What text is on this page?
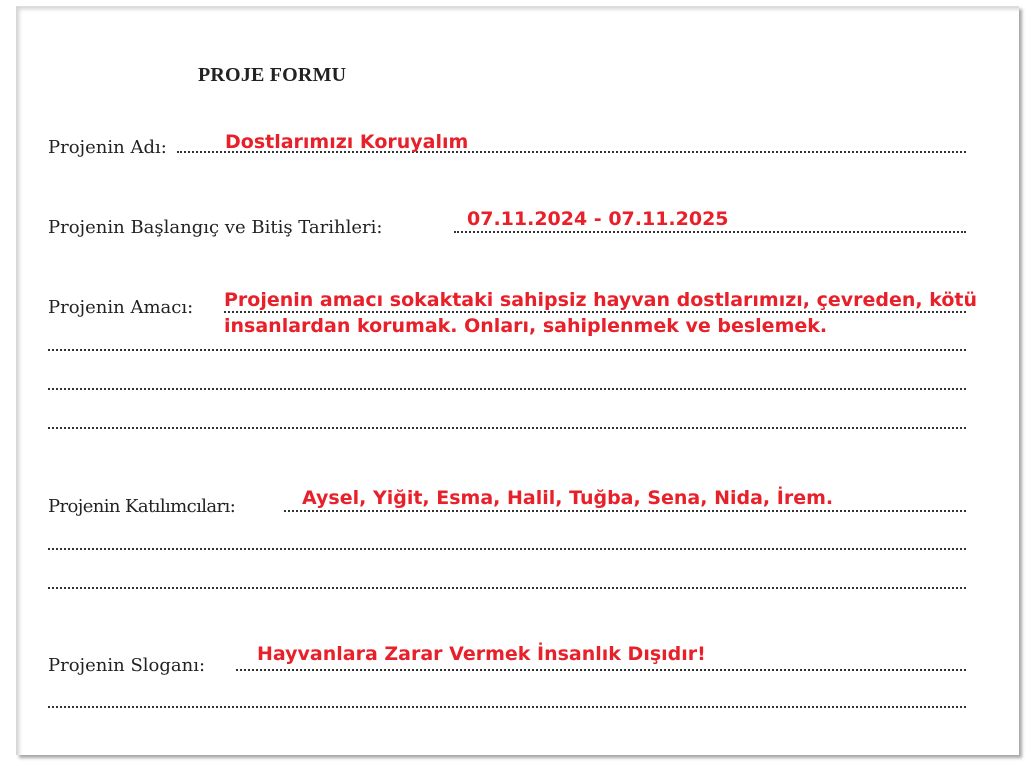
PROJE FORMU
Projenin Adı:	Dostlarımızı Koruyalım
Projenin Başlangıç ve Bitiş Tarihleri:	07.11.2024 - 07.11.2025
Projenin Amacı: Projenin amacı sokaktaki sahipsiz hayvan dostlarımızı, çevreden, kötü
insanlardan korumak. Onları, sahiplenmek ve beslemek.
Projenin Katılımcıları:	Aysel, Yiğit, Esma, Halil, Tuğba, Sena, Nida, İrem.
Projenin Sloganı:
Hayvanlara Zarar Vermek İnsanlık Dışıdır!
